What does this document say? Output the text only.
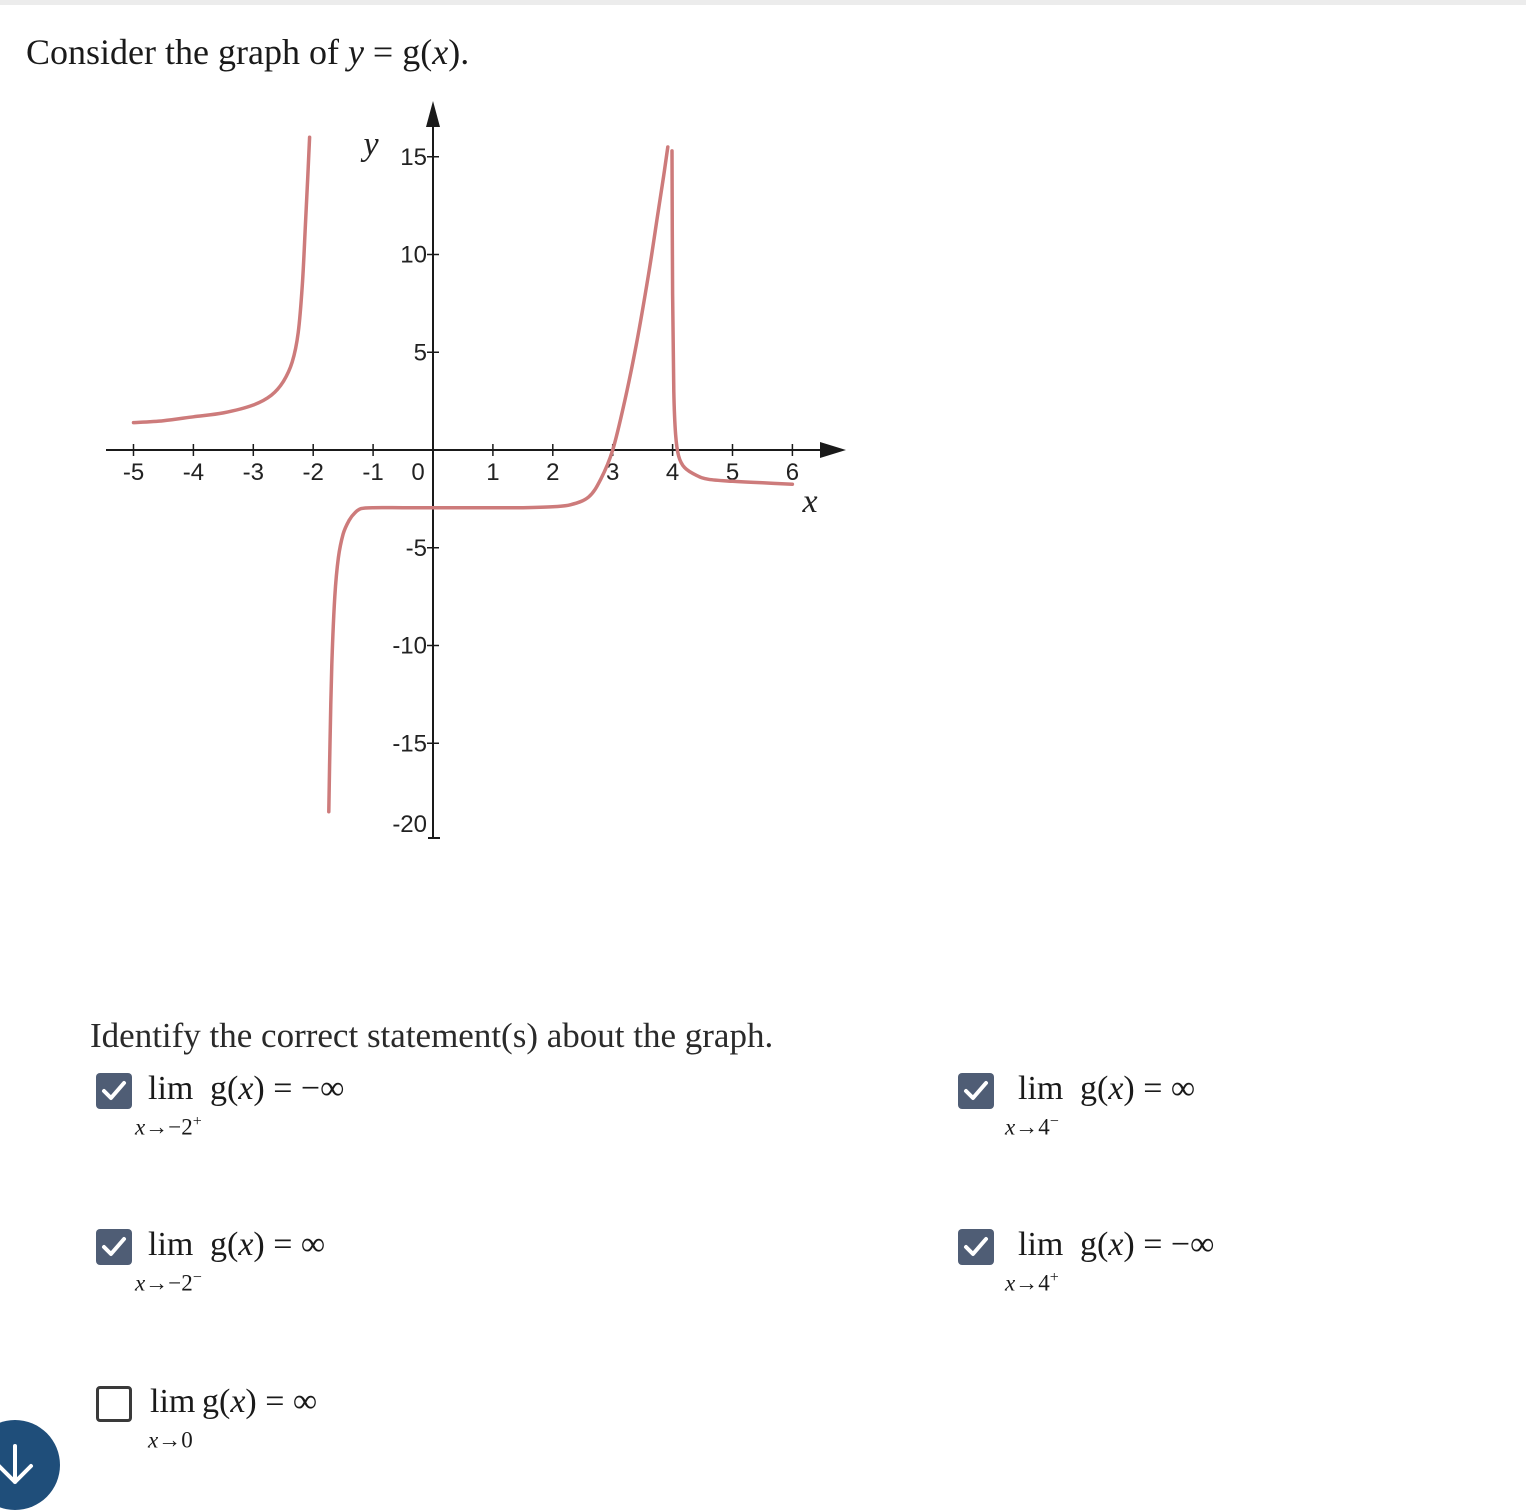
Consider the graph of y = g(x).
-5 -4 -3 -2 -1 0	1 2 3 4 5 6
15
10
5
-5
-10
-15
-20
y
x
Identify the correct statement(s) about the graph.
lim g(x) = −∞
x→−2+
lim g(x) = ∞
x→4−
lim g(x) = ∞
x→−2−
lim g(x) = −∞
x→4+
lim g(x) = ∞
x→0
